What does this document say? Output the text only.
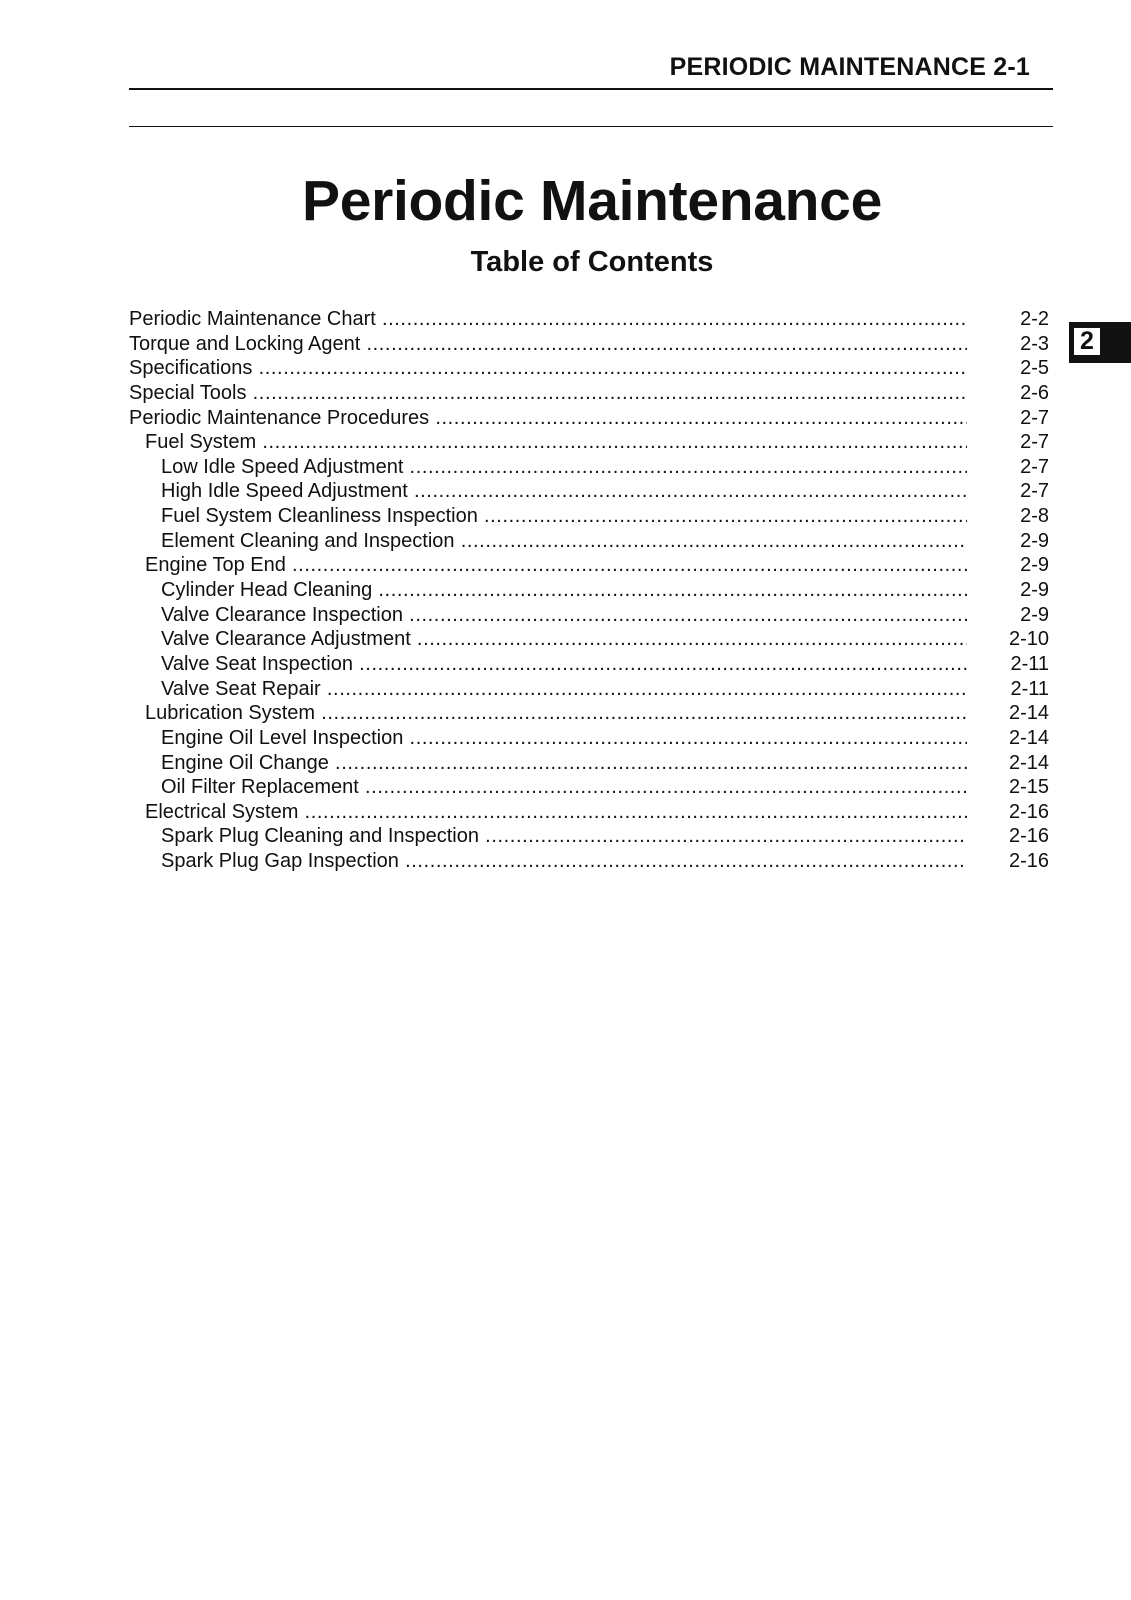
PERIODIC MAINTENANCE 2-1
2
Periodic Maintenance
Table of Contents
Periodic Maintenance Chart .....	2-2
Torque and Locking Agent .....	2-3
Specifications .....	2-5
Special Tools .....	2-6
Periodic Maintenance Procedures .....	2-7
Fuel System .....	2-7
Low Idle Speed Adjustment .....	2-7
High Idle Speed Adjustment .....	2-7
Fuel System Cleanliness Inspection .....	2-8
Element Cleaning and Inspection .....	2-9
Engine Top End .....	2-9
Cylinder Head Cleaning .....	2-9
Valve Clearance Inspection .....	2-9
Valve Clearance Adjustment .....	2-10
Valve Seat Inspection .....	2-11
Valve Seat Repair .....	2-11
Lubrication System .....	2-14
Engine Oil Level Inspection .....	2-14
Engine Oil Change .....	2-14
Oil Filter Replacement .....	2-15
Electrical System .....	2-16
Spark Plug Cleaning and Inspection .....	2-16
Spark Plug Gap Inspection .....	2-16
